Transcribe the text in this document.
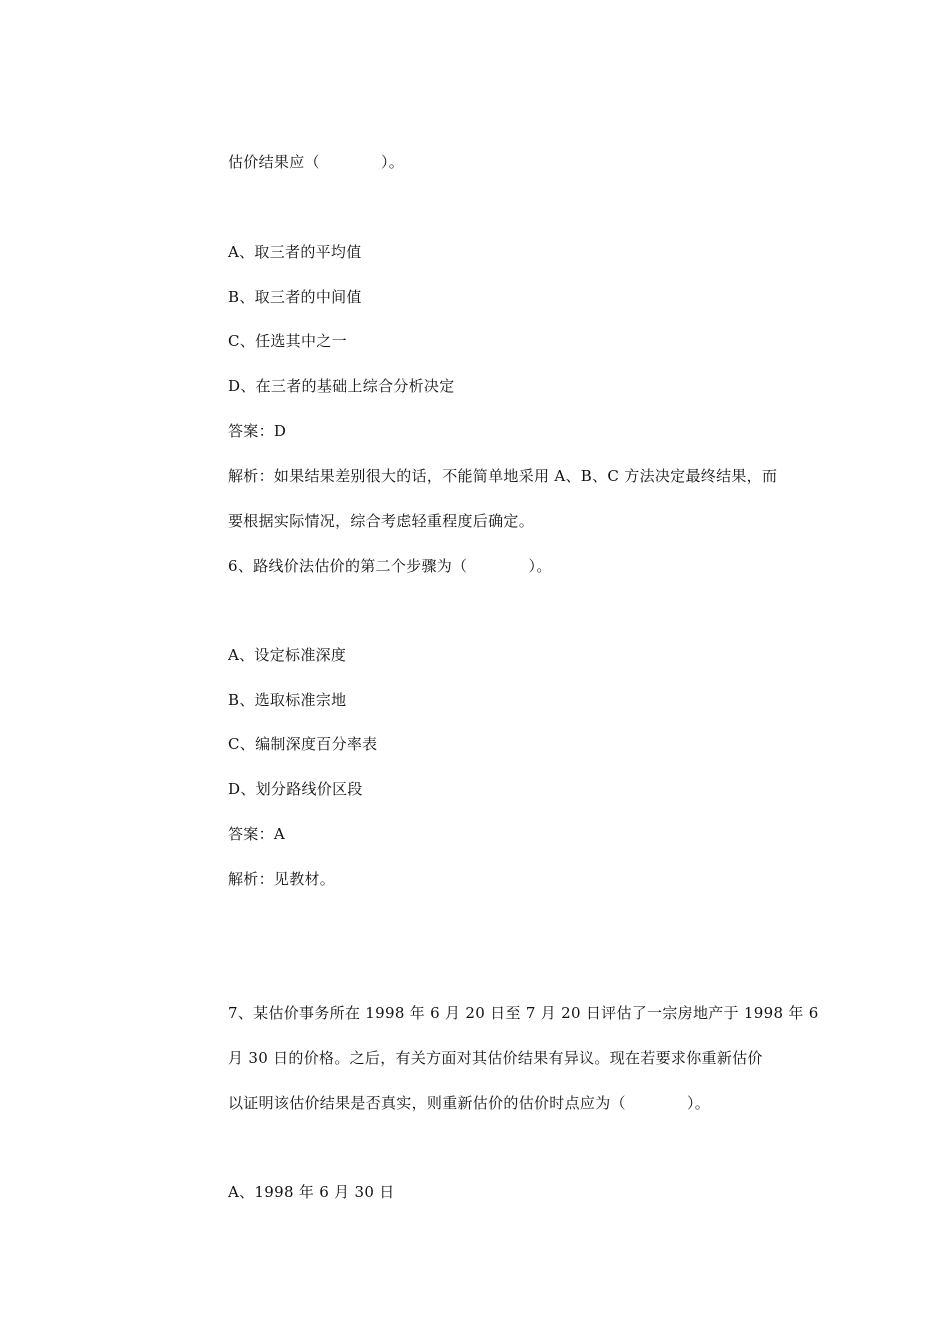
估价结果应（　　　　）。
A、取三者的平均值
B、取三者的中间值
C、任选其中之一
D、在三者的基础上综合分析决定
答案：D
解析：如果结果差别很大的话，不能简单地采用 A、B、C 方法决定最终结果，而
要根据实际情况，综合考虑轻重程度后确定。
6、路线价法估价的第二个步骤为（　　　　）。
A、设定标准深度
B、选取标准宗地
C、编制深度百分率表
D、划分路线价区段
答案：A
解析：见教材。
7、某估价事务所在 1998 年 6 月 20 日至 7 月 20 日评估了一宗房地产于 1998 年 6
月 30 日的价格。之后，有关方面对其估价结果有异议。现在若要求你重新估价
以证明该估价结果是否真实，则重新估价的估价时点应为（　　　　）。
A、1998 年 6 月 30 日
